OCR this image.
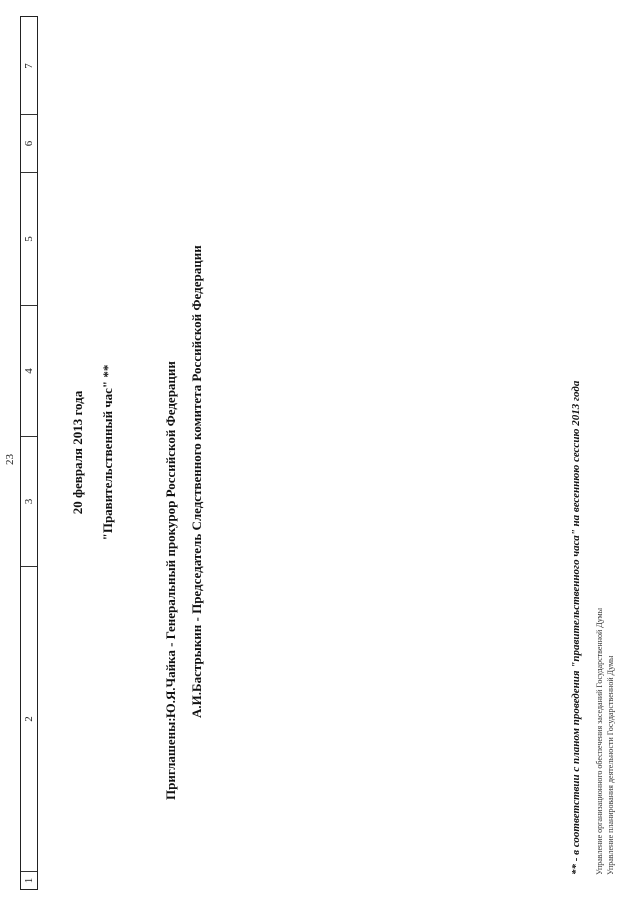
23
1
2
3
4
5
6
7
20 февраля 2013 года "Правительственный час" **
Приглашены:Ю.Я.Чайка - Генеральный прокурор Российской Федерации А.И.Бастрыкин - Председатель Следственного комитета Российской Федерации	** - в соответствии с планом проведения "правительственного часа" на весеннюю сессию 2013 года Управление организационного обеспечения заседаний Государственной Думы Управление планирования деятельности Государственной Думы
